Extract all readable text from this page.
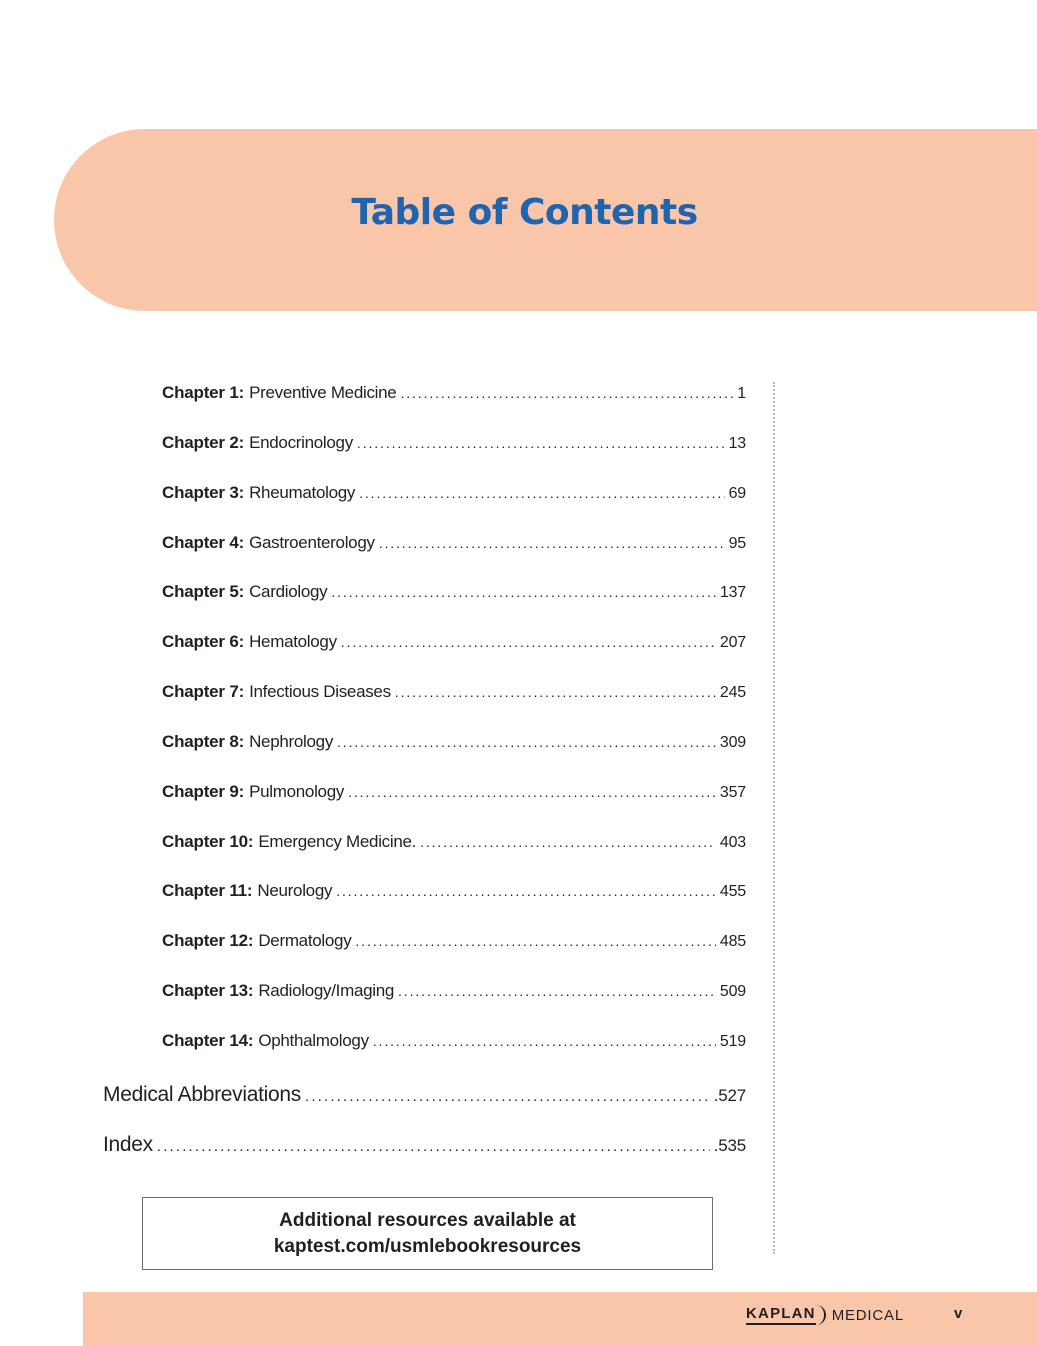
Table of Contents
Chapter 1: Preventive Medicine . . .	1
Chapter 2: Endocrinology . . .	13
Chapter 3: Rheumatology . . .	69
Chapter 4: Gastroenterology . . .	95
Chapter 5: Cardiology . . .	137
Chapter 6: Hematology . . .	207
Chapter 7: Infectious Diseases . . .	245
Chapter 8: Nephrology . . .	309
Chapter 9: Pulmonology . . .	357
Chapter 10: Emergency Medicine. . . .	403
Chapter 11: Neurology . . .	455
Chapter 12: Dermatology . . .	485
Chapter 13: Radiology/Imaging . . .	509
Chapter 14: Ophthalmology . . .	519
Medical Abbreviations . . .	.527
Index . . .	.535
Additional resources available at
kaptest.com/usmlebookresources
KAPLAN MEDICAL	v
